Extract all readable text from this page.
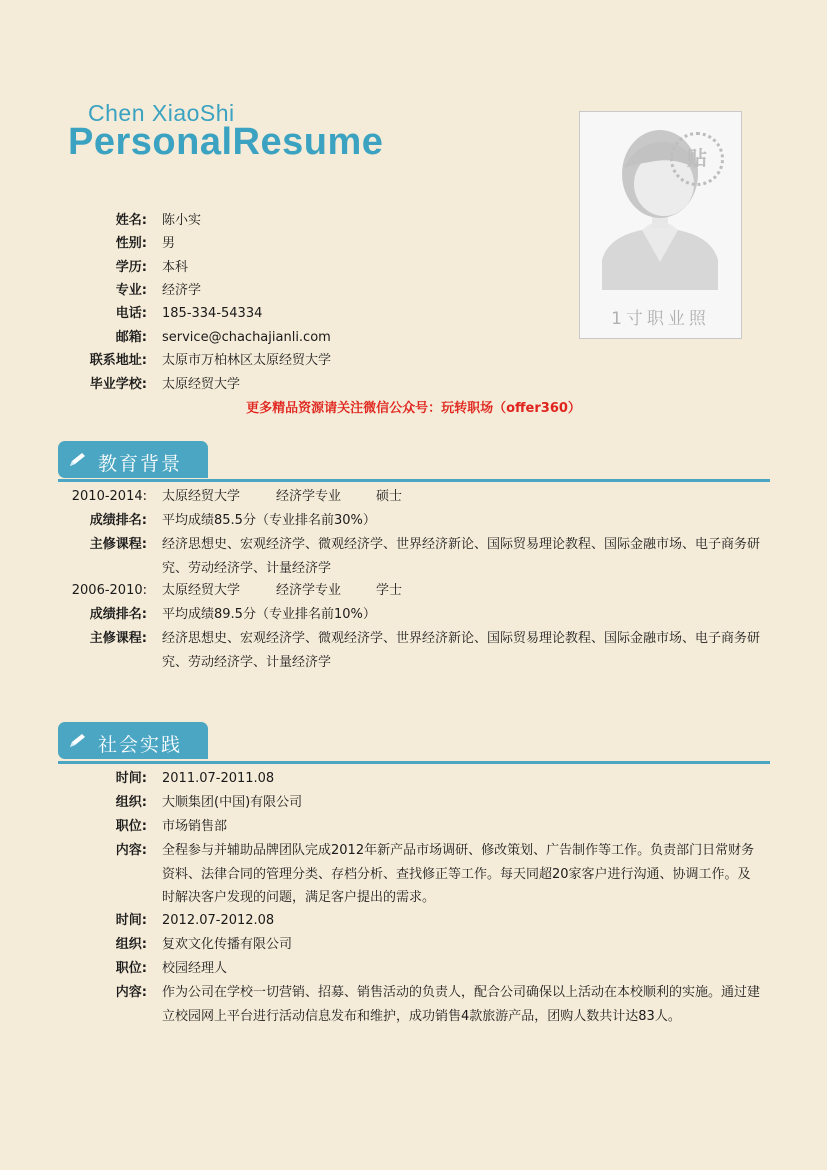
Chen XiaoShi
PersonalResume	贴
1寸职业照
姓名: 陈小实
性别: 男
学历: 本科
专业: 经济学
电话: 185-334-54334
邮箱: service@chachajianli.com
联系地址: 太原市万柏林区太原经贸大学
毕业学校: 太原经贸大学
更多精品资源请关注微信公众号：玩转职场（offer360）
教育背景
2010-2014: 太原经贸大学	经济学专业	硕士
成绩排名: 平均成绩85.5分（专业排名前30%）
主修课程: 经济思想史、宏观经济学、微观经济学、世界经济新论、国际贸易理论教程、国际金融市场、电子商务研究、劳动经济学、计量经济学
2006-2010: 太原经贸大学	经济学专业	学士
成绩排名: 平均成绩89.5分（专业排名前10%）
主修课程: 经济思想史、宏观经济学、微观经济学、世界经济新论、国际贸易理论教程、国际金融市场、电子商务研究、劳动经济学、计量经济学
社会实践
时间: 2011.07-2011.08
组织: 大顺集团(中国)有限公司
职位: 市场销售部
内容: 全程参与并辅助品牌团队完成2012年新产品市场调研、修改策划、广告制作等工作。负责部门日常财务资料、法律合同的管理分类、存档分析、查找修正等工作。每天同超20家客户进行沟通、协调工作。及时解决客户发现的问题，满足客户提出的需求。
时间: 2012.07-2012.08
组织: 复欢文化传播有限公司
职位: 校园经理人
内容: 作为公司在学校一切营销、招募、销售活动的负责人，配合公司确保以上活动在本校顺利的实施。通过建立校园网上平台进行活动信息发布和维护，成功销售4款旅游产品，团购人数共计达83人。
